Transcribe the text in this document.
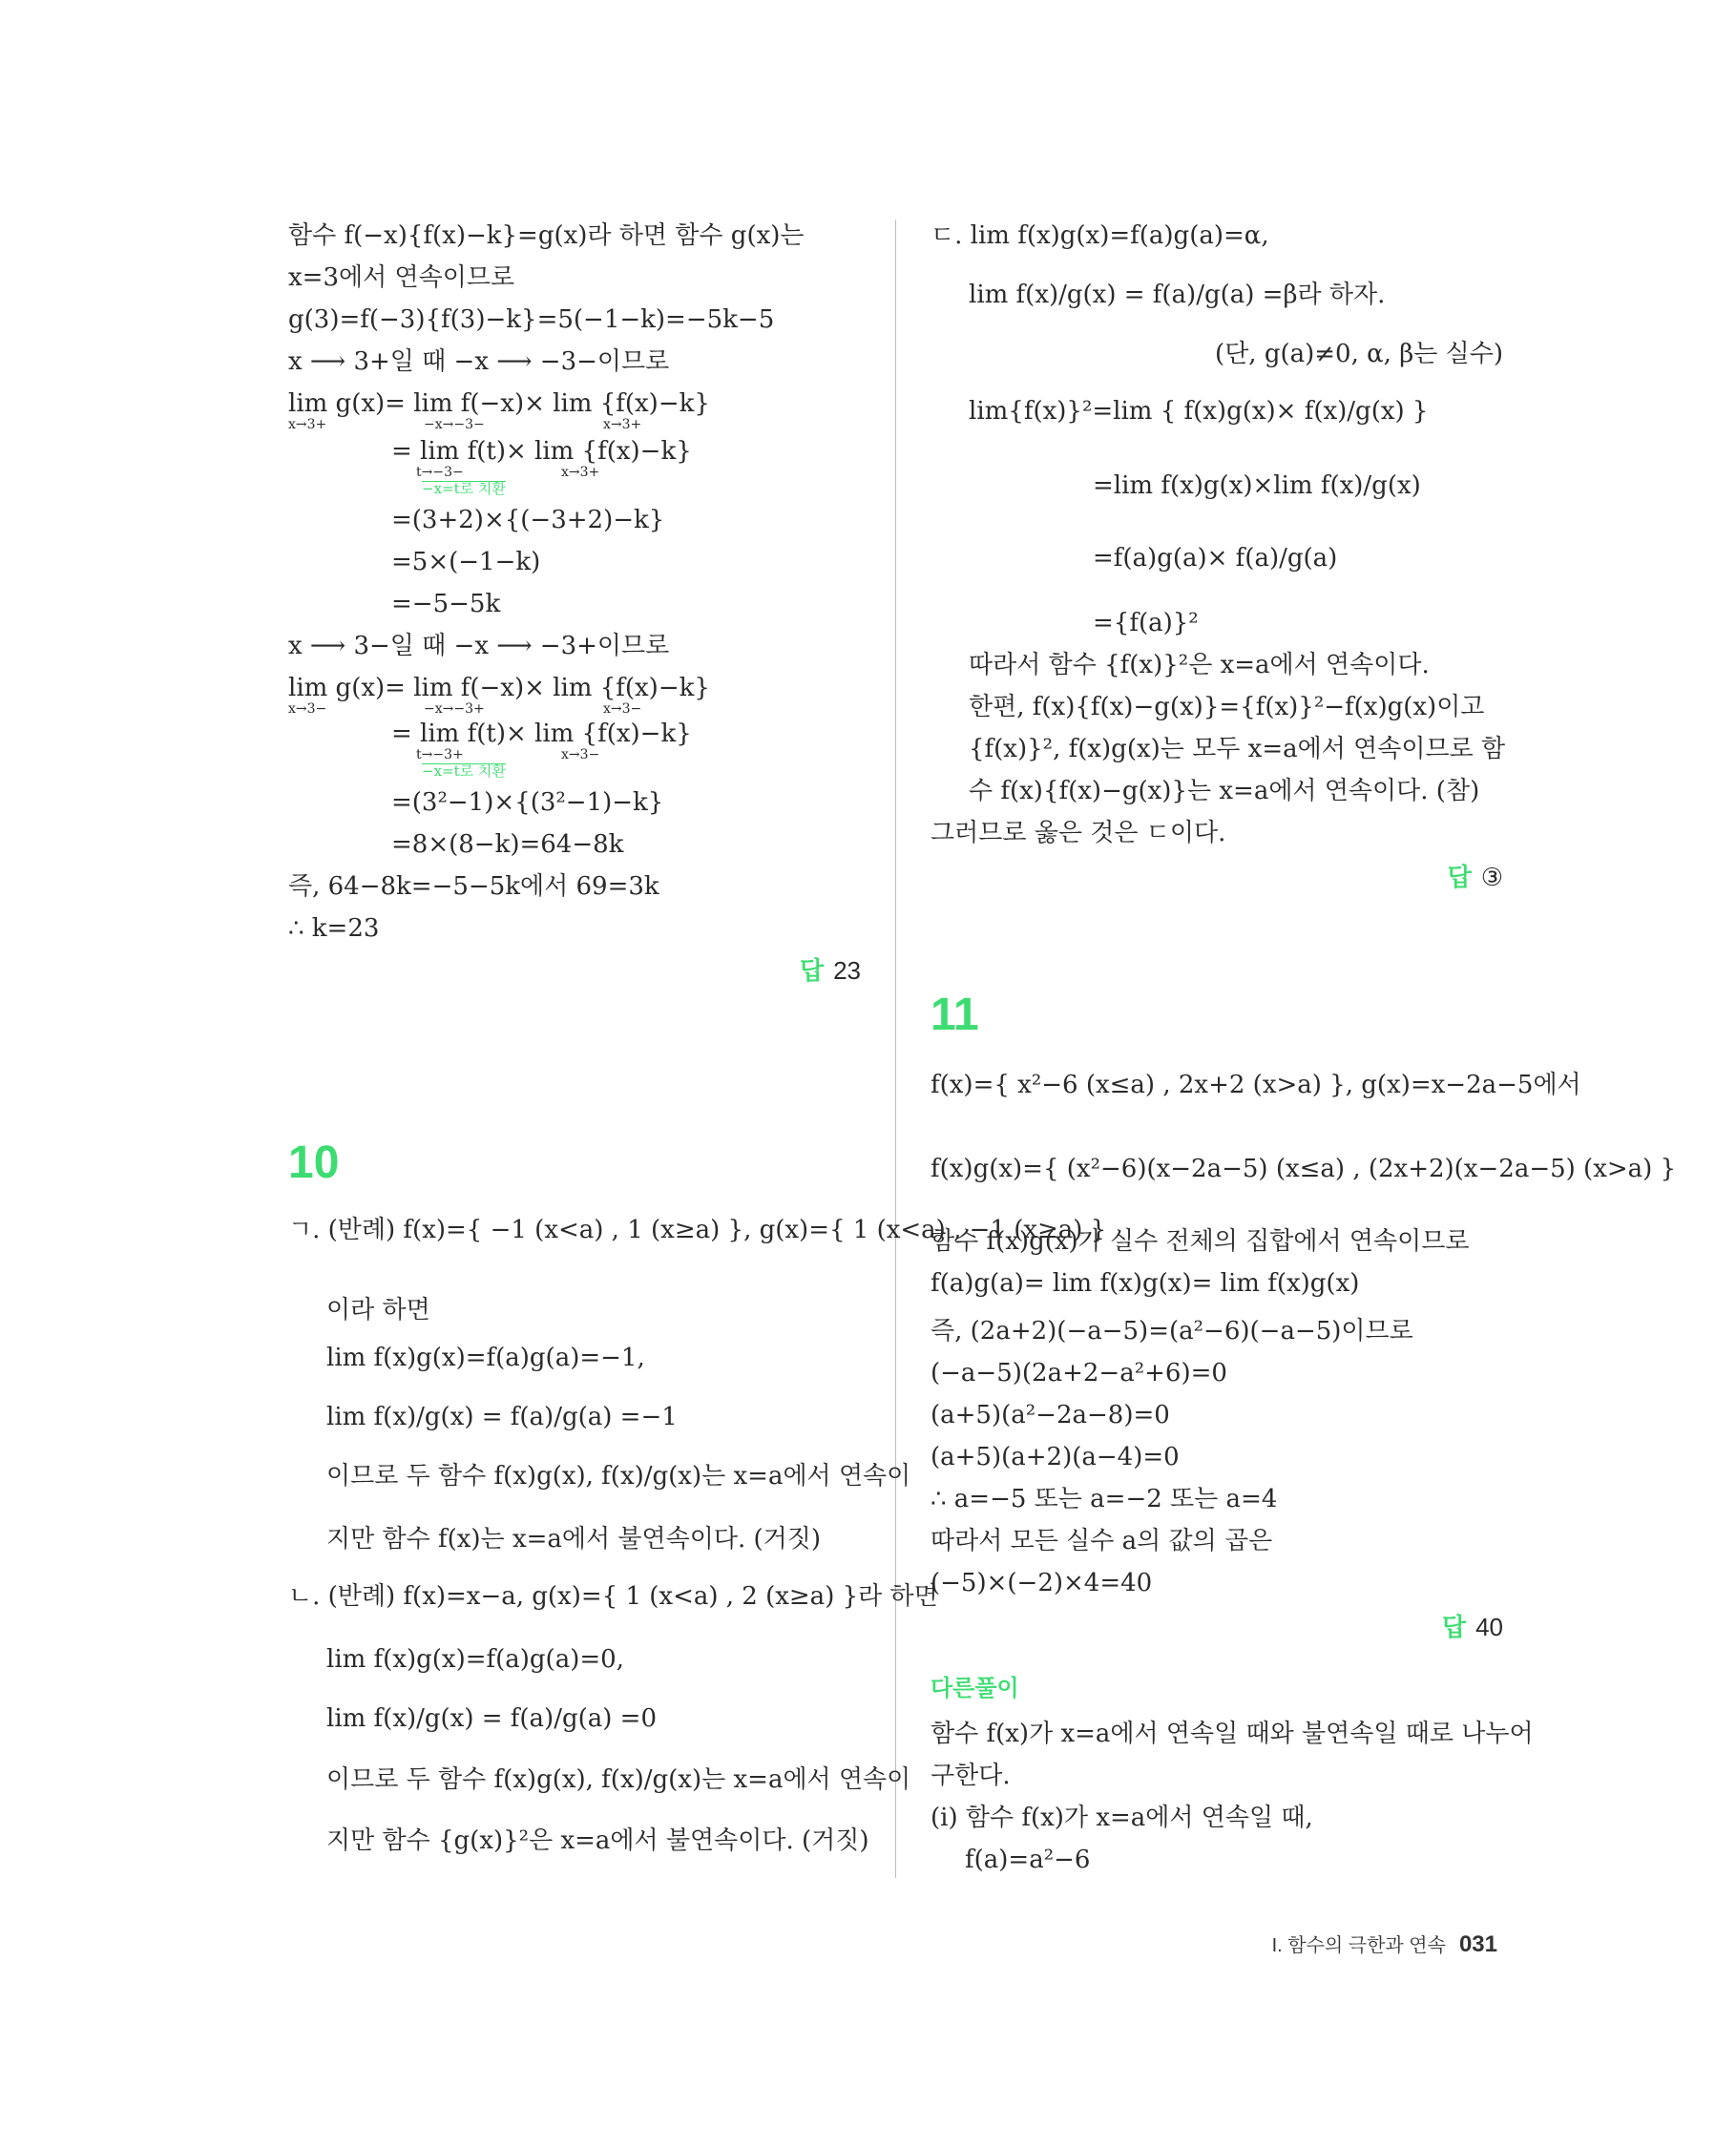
함수 f(−x){f(x)−k}=g(x)라 하면 함수 g(x)는
x=3에서 연속이므로
g(3)=f(−3){f(3)−k}=5(−1−k)=−5k−5
x ⟶ 3+일 때 −x ⟶ −3−이므로
lim g(x)= lim f(−x)× lim {f(x)−k}
x→3+	−x→−3−	x→3+
= lim f(t)× lim {f(x)−k}
t→−3−	x→3+
−x=t로 치환
=(3+2)×{(−3+2)−k}
=5×(−1−k)
=−5−5k
x ⟶ 3−일 때 −x ⟶ −3+이므로
lim g(x)= lim f(−x)× lim {f(x)−k}
x→3−	−x→−3+	x→3−
= lim f(t)× lim {f(x)−k}
t→−3+	x→3−
−x=t로 치환
=(3²−1)×{(3²−1)−k}
=8×(8−k)=64−8k
즉, 64−8k=−5−5k에서 69=3k
∴ k=23
답 23
10
ㄱ. (반례) f(x)={ −1 (x<a) , 1 (x≥a) }, g(x)={ 1 (x<a) , −1 (x≥a) }
이라 하면
lim f(x)g(x)=f(a)g(a)=−1,
lim f(x)/g(x) = f(a)/g(a) =−1
이므로 두 함수 f(x)g(x), f(x)/g(x)는 x=a에서 연속이
지만 함수 f(x)는 x=a에서 불연속이다. (거짓)
ㄴ. (반례) f(x)=x−a, g(x)={ 1 (x<a) , 2 (x≥a) }라 하면
lim f(x)g(x)=f(a)g(a)=0,
lim f(x)/g(x) = f(a)/g(a) =0
이므로 두 함수 f(x)g(x), f(x)/g(x)는 x=a에서 연속이
지만 함수 {g(x)}²은 x=a에서 불연속이다. (거짓)
ㄷ. lim f(x)g(x)=f(a)g(a)=α,
lim f(x)/g(x) = f(a)/g(a) =β라 하자.
(단, g(a)≠0, α, β는 실수)
lim{f(x)}²=lim { f(x)g(x)× f(x)/g(x) }
=lim f(x)g(x)×lim f(x)/g(x)
=f(a)g(a)× f(a)/g(a)
={f(a)}²
따라서 함수 {f(x)}²은 x=a에서 연속이다.
한편, f(x){f(x)−g(x)}={f(x)}²−f(x)g(x)이고
{f(x)}², f(x)g(x)는 모두 x=a에서 연속이므로 함
수 f(x){f(x)−g(x)}는 x=a에서 연속이다. (참)
그러므로 옳은 것은 ㄷ이다.
답 ③
11
f(x)={ x²−6 (x≤a) , 2x+2 (x>a) }, g(x)=x−2a−5에서
f(x)g(x)={ (x²−6)(x−2a−5) (x≤a) , (2x+2)(x−2a−5) (x>a) }
함수 f(x)g(x)가 실수 전체의 집합에서 연속이므로
f(a)g(a)= lim f(x)g(x)= lim f(x)g(x)
즉, (2a+2)(−a−5)=(a²−6)(−a−5)이므로
(−a−5)(2a+2−a²+6)=0
(a+5)(a²−2a−8)=0
(a+5)(a+2)(a−4)=0
∴ a=−5 또는 a=−2 또는 a=4
따라서 모든 실수 a의 값의 곱은
(−5)×(−2)×4=40
답 40
다른풀이
함수 f(x)가 x=a에서 연속일 때와 불연속일 때로 나누어
구한다.
(i) 함수 f(x)가 x=a에서 연속일 때,
f(a)=a²−6
I. 함수의 극한과 연속 031
